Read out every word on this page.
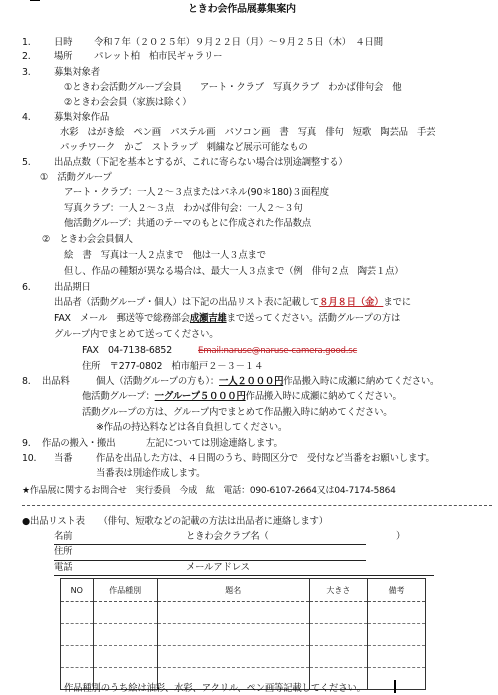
ときわ会作品展募集案内
1. 日時 令和７年（２０２５年）９月２２日（月）～９月２５日（木）　４日間
2. 場所 パレット柏　柏市民ギャラリー
3. 募集対象者
①ときわ会活動グループ会員　　アート・クラブ　写真クラブ　わかば俳句会　他
②ときわ会会員（家族は除く）
4. 募集対象作品
水彩　はがき絵　ペン画　パステル画　パソコン画　書　写真　俳句　短歌　陶芸品　手芸
パッチワーク　かご　ストラップ　刺繍など展示可能なもの
5. 出品点数（下記を基本とするが、これに寄らない場合は別途調整する）
①　活動グループ
アート・クラブ：一人２～３点またはパネル(90＊180)３面程度
写真クラブ：一人２～３点　わかば俳句会：一人２～３句
他活動グループ：共通のテーマのもとに作成された作品数点
②　ときわ会会員個人
絵　書　写真は一人２点まで　他は一人３点まで
但し、作品の種類が異なる場合は、最大一人３点まで（例　俳句２点　陶芸１点）
6. 出品期日
出品者（活動グループ・個人）は下記の出品リスト表に記載して８月８日（金）までに
FAX　メール　郵送等で総務部会成瀬吉雄まで送ってください。活動グループの方は
グループ内でまとめて送ってください。
FAX　04-7138-6852	Email:naruse@naruse-camera.good.sc
住所　〒277-0802　柏市船戸２－３－１４
8. 出品料	個人（活動グループの方も）：一人２０００円作品搬入時に成瀬に納めてください。
他活動グループ：一グループ５０００円作品搬入時に成瀬に納めてください。
活動グループの方は、グループ内でまとめて作品搬入時に納めてください。
※作品の持込料などは各自負担してください。
9. 作品の搬入・搬出	左記については別途連絡します。
10. 当番	作品を出品した方は、４日間のうち、時間区分で　受付など当番をお願いします。
当番表は別途作成します。
★作品展に関するお問合せ　実行委員　今成　紘　電話：090-6107-2664又は04-7174-5864
●出品リスト表　　（俳句、短歌などの記載の方法は出品者に連絡します）
名前	ときわ会クラブ名（	）
住所
電話	メールアドレス
NO	作品種別	題名	大きさ	備考

作品種別のうち絵は油彩、水彩、アクリル、ペン画等記載してください。
